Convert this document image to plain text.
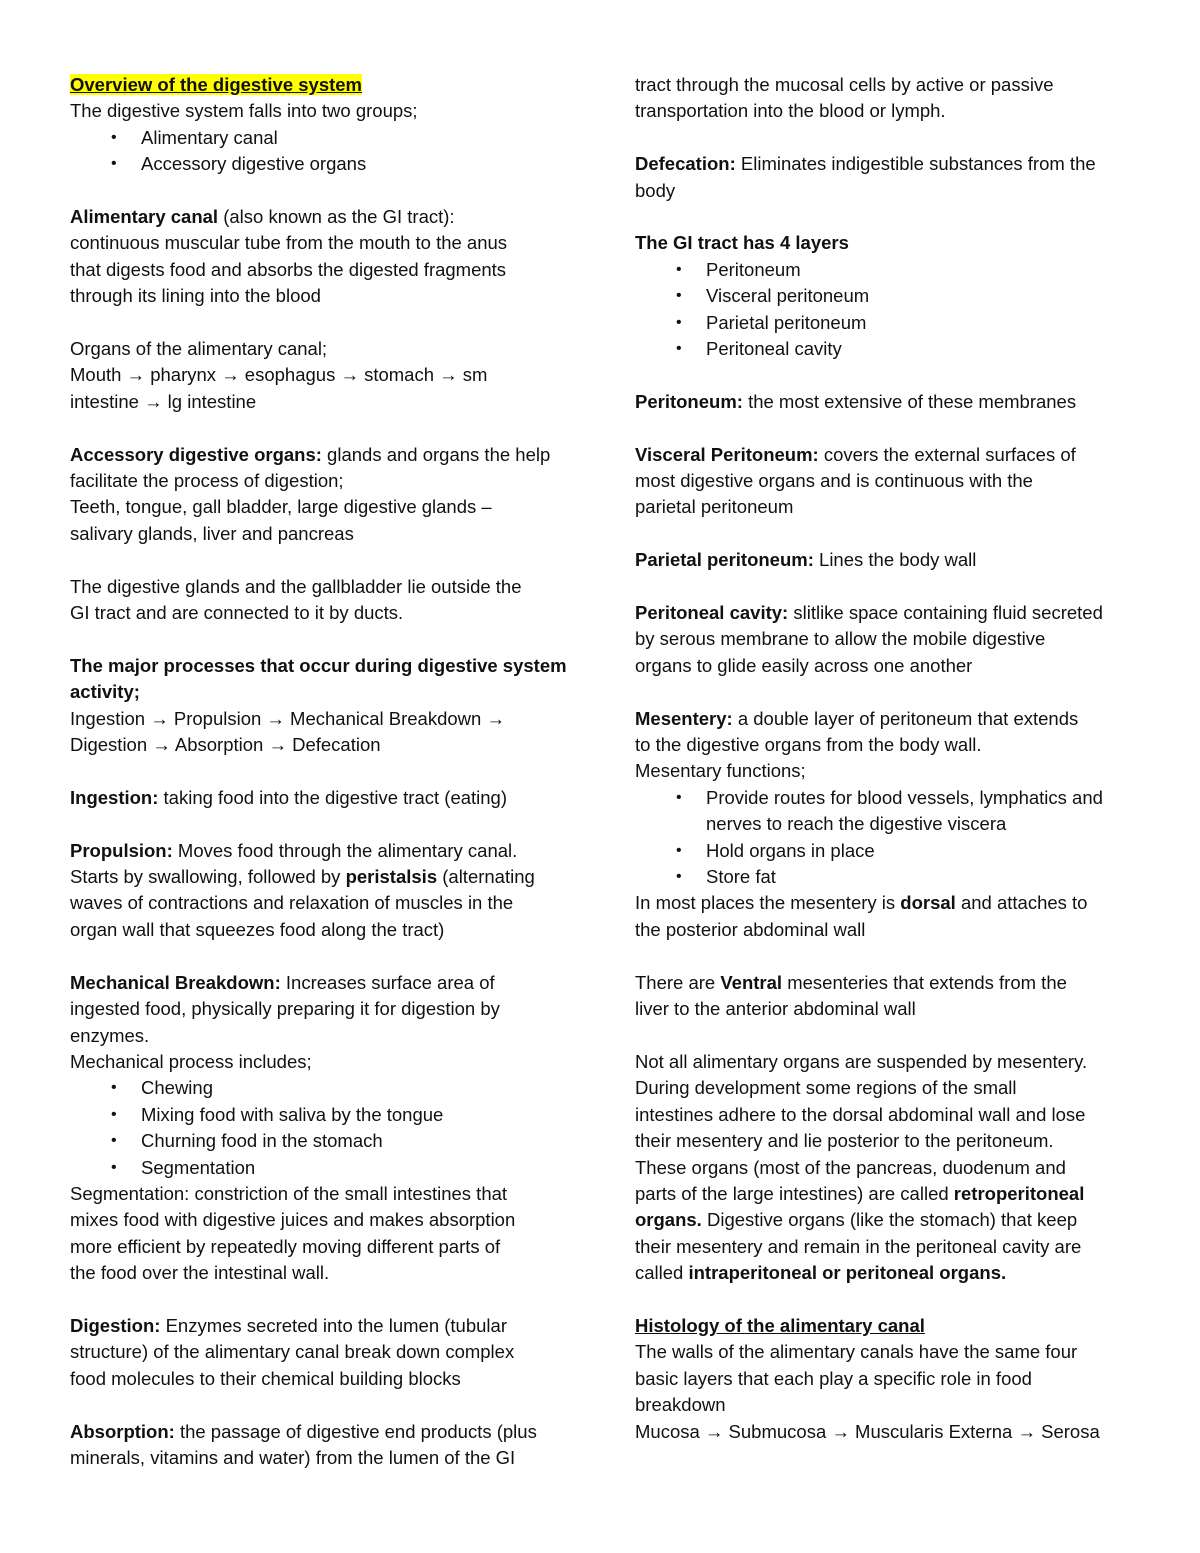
Overview of the digestive system
The digestive system falls into two groups;
• Alimentary canal
• Accessory digestive organs
Alimentary canal (also known as the GI tract):
continuous muscular tube from the mouth to the anus
that digests food and absorbs the digested fragments
through its lining into the blood
Organs of the alimentary canal;
Mouth → pharynx → esophagus → stomach → sm
intestine → lg intestine
Accessory digestive organs: glands and organs the help
facilitate the process of digestion;
Teeth, tongue, gall bladder, large digestive glands –
salivary glands, liver and pancreas
The digestive glands and the gallbladder lie outside the
GI tract and are connected to it by ducts.
The major processes that occur during digestive system
activity;
Ingestion → Propulsion → Mechanical Breakdown →
Digestion → Absorption → Defecation
Ingestion: taking food into the digestive tract (eating)
Propulsion: Moves food through the alimentary canal.
Starts by swallowing, followed by peristalsis (alternating
waves of contractions and relaxation of muscles in the
organ wall that squeezes food along the tract)
Mechanical Breakdown: Increases surface area of
ingested food, physically preparing it for digestion by
enzymes.
Mechanical process includes;
• Chewing
• Mixing food with saliva by the tongue
• Churning food in the stomach
• Segmentation
Segmentation: constriction of the small intestines that
mixes food with digestive juices and makes absorption
more efficient by repeatedly moving different parts of
the food over the intestinal wall.
Digestion: Enzymes secreted into the lumen (tubular
structure) of the alimentary canal break down complex
food molecules to their chemical building blocks
Absorption: the passage of digestive end products (plus
minerals, vitamins and water) from the lumen of the GI
tract through the mucosal cells by active or passive
transportation into the blood or lymph.
Defecation: Eliminates indigestible substances from the
body
The GI tract has 4 layers
• Peritoneum
• Visceral peritoneum
• Parietal peritoneum
• Peritoneal cavity
Peritoneum: the most extensive of these membranes
Visceral Peritoneum: covers the external surfaces of
most digestive organs and is continuous with the
parietal peritoneum
Parietal peritoneum: Lines the body wall
Peritoneal cavity: slitlike space containing fluid secreted
by serous membrane to allow the mobile digestive
organs to glide easily across one another
Mesentery: a double layer of peritoneum that extends
to the digestive organs from the body wall.
Mesentary functions;
• Provide routes for blood vessels, lymphatics and
nerves to reach the digestive viscera
• Hold organs in place
• Store fat
In most places the mesentery is dorsal and attaches to
the posterior abdominal wall
There are Ventral mesenteries that extends from the
liver to the anterior abdominal wall
Not all alimentary organs are suspended by mesentery.
During development some regions of the small
intestines adhere to the dorsal abdominal wall and lose
their mesentery and lie posterior to the peritoneum.
These organs (most of the pancreas, duodenum and
parts of the large intestines) are called retroperitoneal
organs. Digestive organs (like the stomach) that keep
their mesentery and remain in the peritoneal cavity are
called intraperitoneal or peritoneal organs.
Histology of the alimentary canal
The walls of the alimentary canals have the same four
basic layers that each play a specific role in food
breakdown
Mucosa → Submucosa → Muscularis Externa → Serosa
